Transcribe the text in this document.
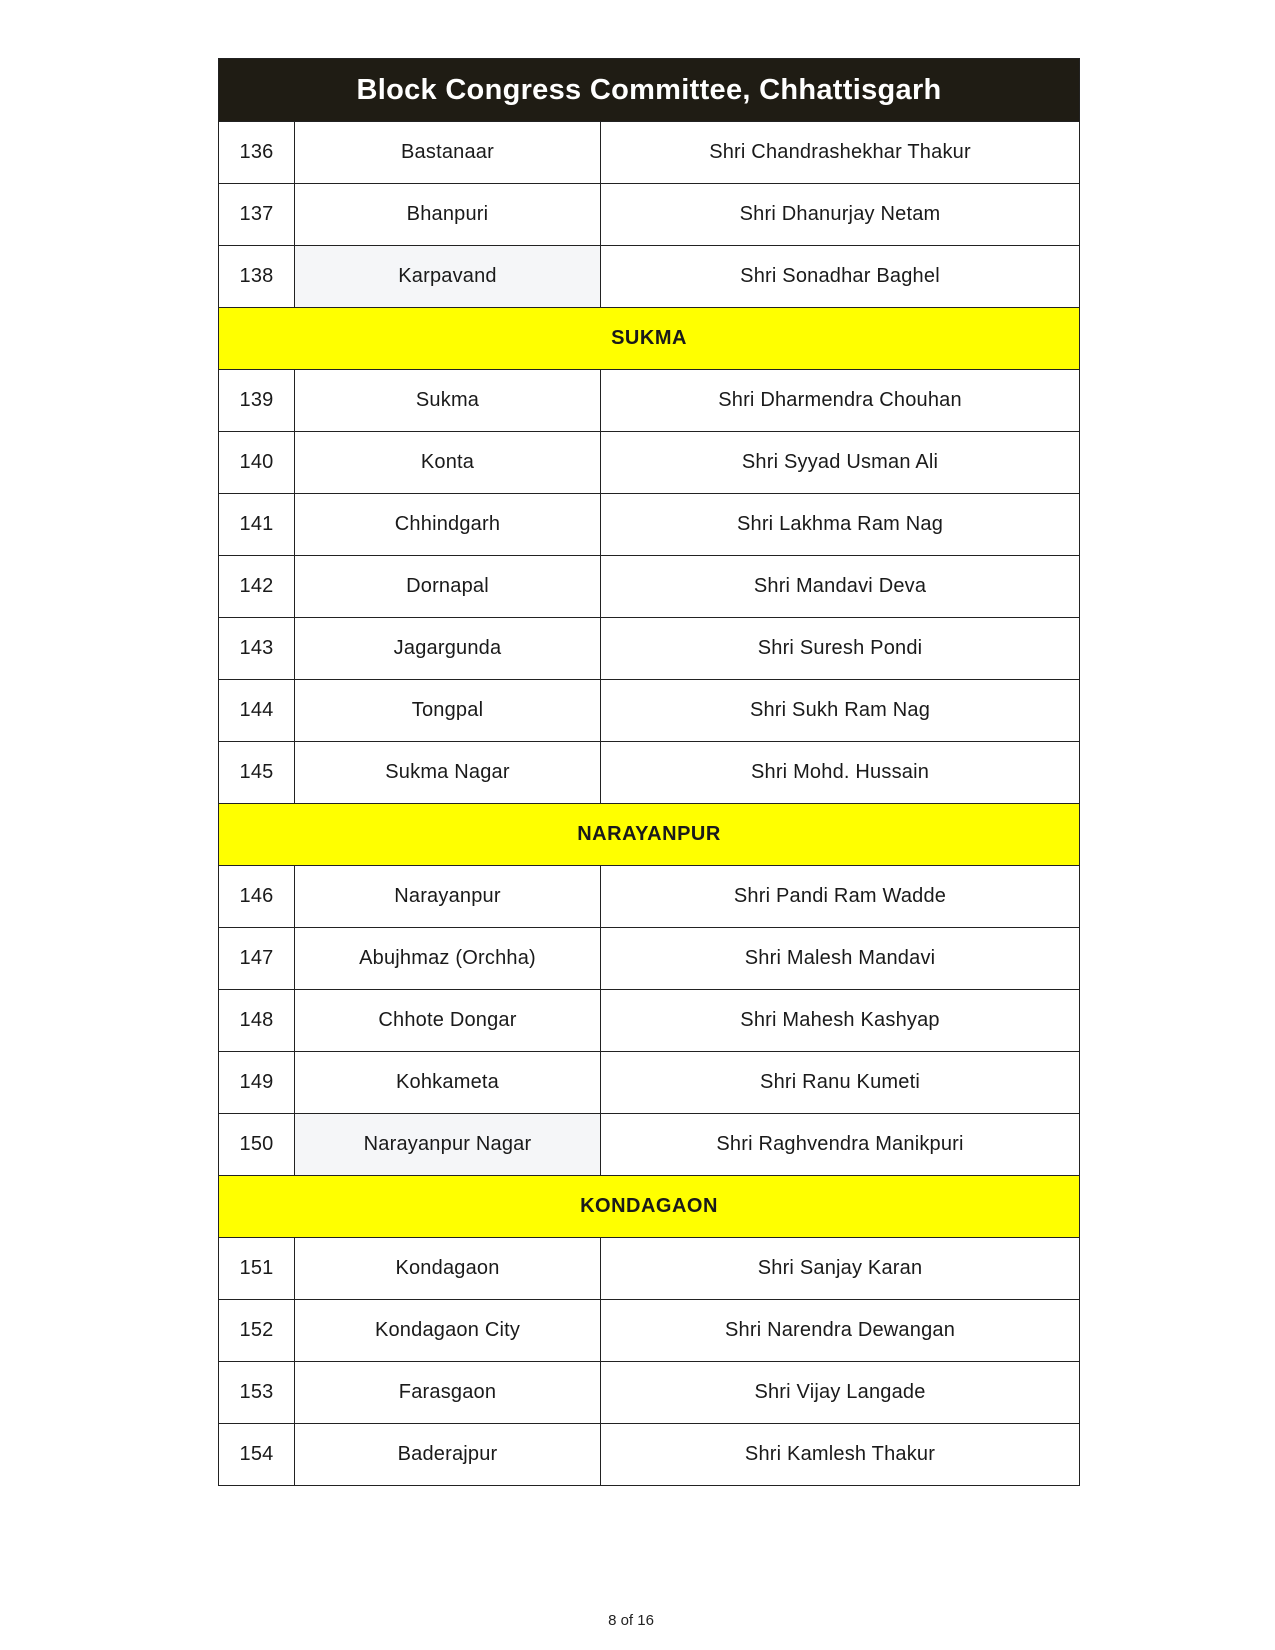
Block Congress Committee, Chhattisgarh		
136	Bastanaar	Shri Chandrashekhar Thakur
137	Bhanpuri	Shri Dhanurjay Netam
138	Karpavand	Shri Sonadhar Baghel
SUKMA		
139	Sukma	Shri Dharmendra Chouhan
140	Konta	Shri Syyad Usman Ali
141	Chhindgarh	Shri Lakhma Ram Nag
142	Dornapal	Shri Mandavi Deva
143	Jagargunda	Shri Suresh Pondi
144	Tongpal	Shri Sukh Ram Nag
145	Sukma Nagar	Shri Mohd. Hussain
NARAYANPUR		
146	Narayanpur	Shri Pandi Ram Wadde
147	Abujhmaz (Orchha)	Shri Malesh Mandavi
148	Chhote Dongar	Shri Mahesh Kashyap
149	Kohkameta	Shri Ranu Kumeti
150	Narayanpur Nagar	Shri Raghvendra Manikpuri
KONDAGAON		
151	Kondagaon	Shri Sanjay Karan
152	Kondagaon City	Shri Narendra Dewangan
153	Farasgaon	Shri Vijay Langade
154	Baderajpur	Shri Kamlesh Thakur
8 of 16
